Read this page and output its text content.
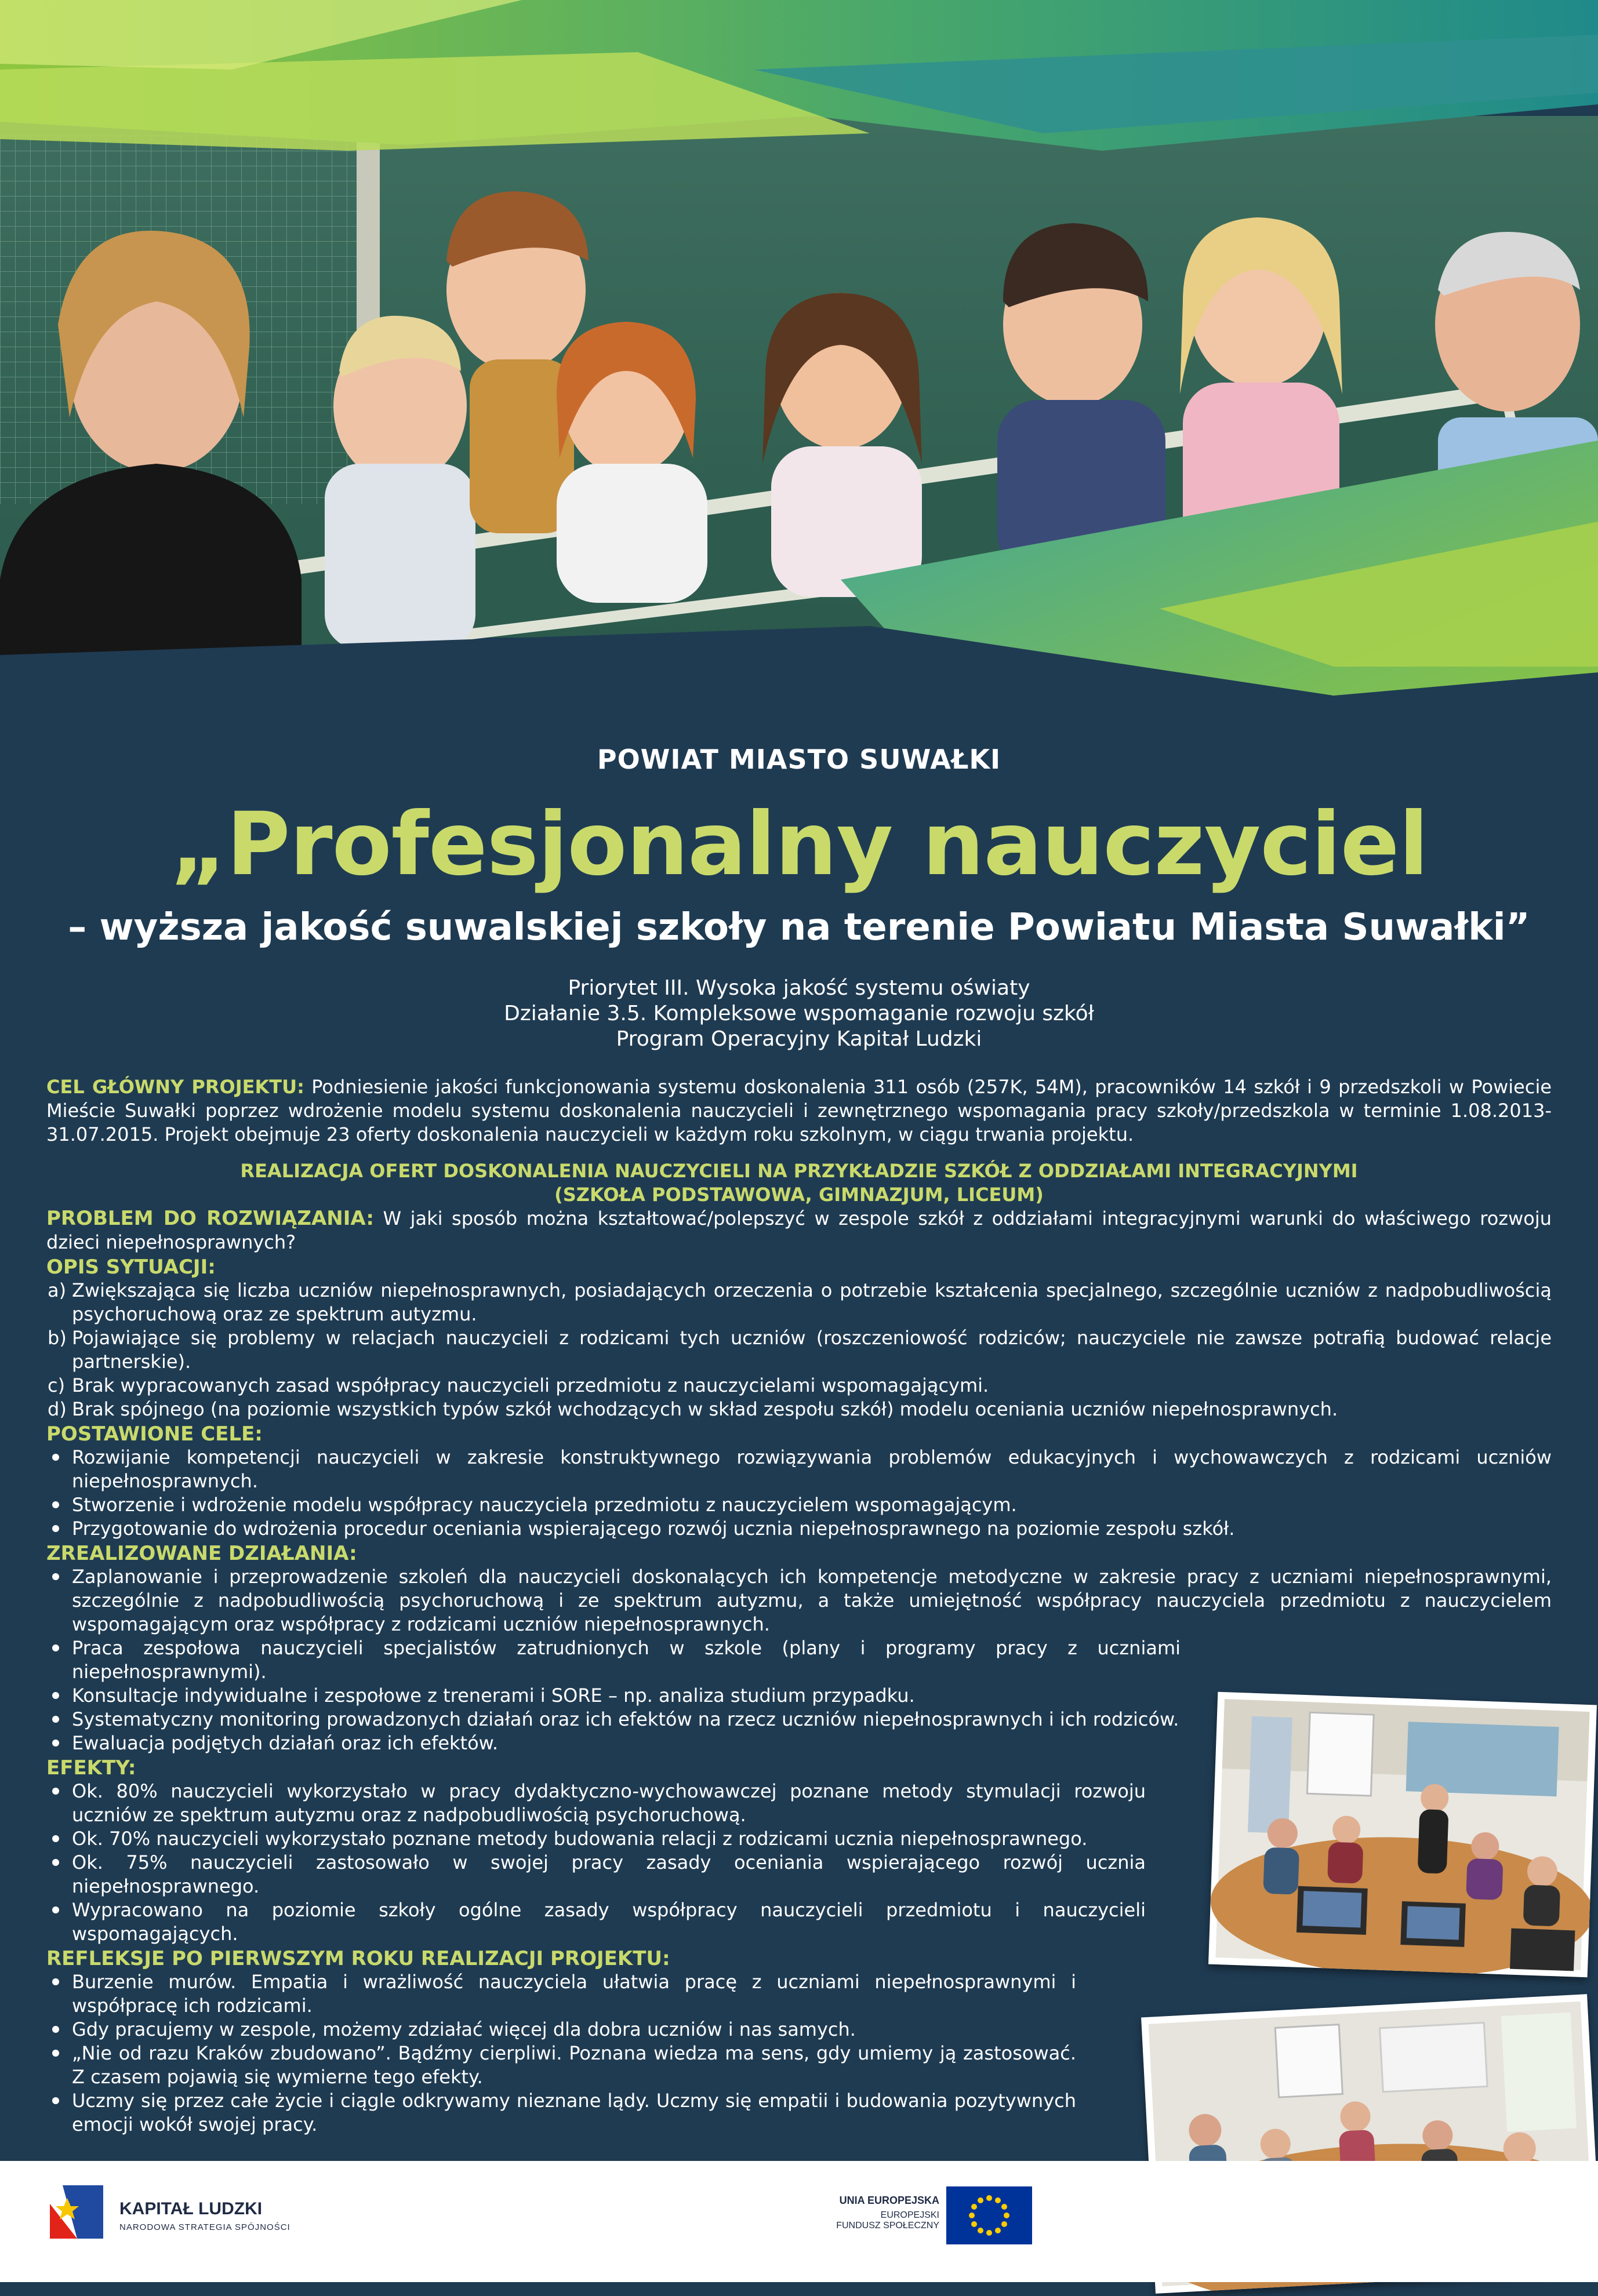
POWIAT MIASTO SUWAŁKI
„Profesjonalny nauczyciel
– wyższa jakość suwalskiej szkoły na terenie Powiatu Miasta Suwałki”
Priorytet III. Wysoka jakość systemu oświaty
Działanie 3.5. Kompleksowe wspomaganie rozwoju szkół
Program Operacyjny Kapitał Ludzki
CEL GŁÓWNY PROJEKTU: Podniesienie jakości funkcjonowania systemu doskonalenia 311 osób (257K, 54M), pracowników 14 szkół i 9 przedszkoli w Powiecie Mieście Suwałki poprzez wdrożenie modelu systemu doskonalenia nauczycieli i zewnętrznego wspomagania pracy szkoły/przedszkola w terminie 1.08.2013-31.07.2015. Projekt obejmuje 23 oferty doskonalenia nauczycieli w każdym roku szkolnym, w ciągu trwania projektu.
REALIZACJA OFERT DOSKONALENIA NAUCZYCIELI NA PRZYKŁADZIE SZKÓŁ Z ODDZIAŁAMI INTEGRACYJNYMI
(SZKOŁA PODSTAWOWA, GIMNAZJUM, LICEUM)
PROBLEM DO ROZWIĄZANIA: W jaki sposób można kształtować/polepszyć w zespole szkół z oddziałami integracyjnymi warunki do właściwego rozwoju dzieci niepełnosprawnych?
OPIS SYTUACJI:
a) Zwiększająca się liczba uczniów niepełnosprawnych, posiadających orzeczenia o potrzebie kształcenia specjalnego, szczególnie uczniów z nadpobudliwością psychoruchową oraz ze spektrum autyzmu.
b) Pojawiające się problemy w relacjach nauczycieli z rodzicami tych uczniów (roszczeniowość rodziców; nauczyciele nie zawsze potrafią budować relacje partnerskie).
c) Brak wypracowanych zasad współpracy nauczycieli przedmiotu z nauczycielami wspomagającymi.
d) Brak spójnego (na poziomie wszystkich typów szkół wchodzących w skład zespołu szkół) modelu oceniania uczniów niepełnosprawnych.
POSTAWIONE CELE:
Rozwijanie kompetencji nauczycieli w zakresie konstruktywnego rozwiązywania problemów edukacyjnych i wychowawczych z rodzicami uczniów niepełnosprawnych.
Stworzenie i wdrożenie modelu współpracy nauczyciela przedmiotu z nauczycielem wspomagającym.
Przygotowanie do wdrożenia procedur oceniania wspierającego rozwój ucznia niepełnosprawnego na poziomie zespołu szkół.
ZREALIZOWANE DZIAŁANIA:
Zaplanowanie i przeprowadzenie szkoleń dla nauczycieli doskonalących ich kompetencje metodyczne w zakresie pracy z uczniami niepełnosprawnymi, szczególnie z nadpobudliwością psychoruchową i ze spektrum autyzmu, a także umiejętność współpracy nauczyciela przedmiotu z nauczycielem wspomagającym oraz współpracy z rodzicami uczniów niepełnosprawnych.
Praca zespołowa nauczycieli specjalistów zatrudnionych w szkole (plany i programy pracy z uczniami niepełnosprawnymi).
Konsultacje indywidualne i zespołowe z trenerami i SORE – np. analiza studium przypadku.
Systematyczny monitoring prowadzonych działań oraz ich efektów na rzecz uczniów niepełnosprawnych i ich rodziców.
Ewaluacja podjętych działań oraz ich efektów.
EFEKTY:
Ok. 80% nauczycieli wykorzystało w pracy dydaktyczno-wychowawczej poznane metody stymulacji rozwoju uczniów ze spektrum autyzmu oraz z nadpobudliwością psychoruchową.
Ok. 70% nauczycieli wykorzystało poznane metody budowania relacji z rodzicami ucznia niepełnosprawnego.
Ok. 75% nauczycieli zastosowało w swojej pracy zasady oceniania wspierającego rozwój ucznia niepełnosprawnego.
Wypracowano na poziomie szkoły ogólne zasady współpracy nauczycieli przedmiotu i nauczycieli wspomagających.
REFLEKSJE PO PIERWSZYM ROKU REALIZACJI PROJEKTU:
Burzenie murów. Empatia i wrażliwość nauczyciela ułatwia pracę z uczniami niepełnosprawnymi i współpracę ich rodzicami.
Gdy pracujemy w zespole, możemy zdziałać więcej dla dobra uczniów i nas samych.
„Nie od razu Kraków zbudowano”. Bądźmy cierpliwi. Poznana wiedza ma sens, gdy umiemy ją zastosować. Z czasem pojawią się wymierne tego efekty.
Uczmy się przez całe życie i ciągle odkrywamy nieznane lądy. Uczmy się empatii i budowania pozytywnych emocji wokół swojej pracy.
KAPITAŁ LUDZKI
NARODOWA STRATEGIA SPÓJNOŚCI
UNIA EUROPEJSKA
EUROPEJSKI
FUNDUSZ SPOŁECZNY
